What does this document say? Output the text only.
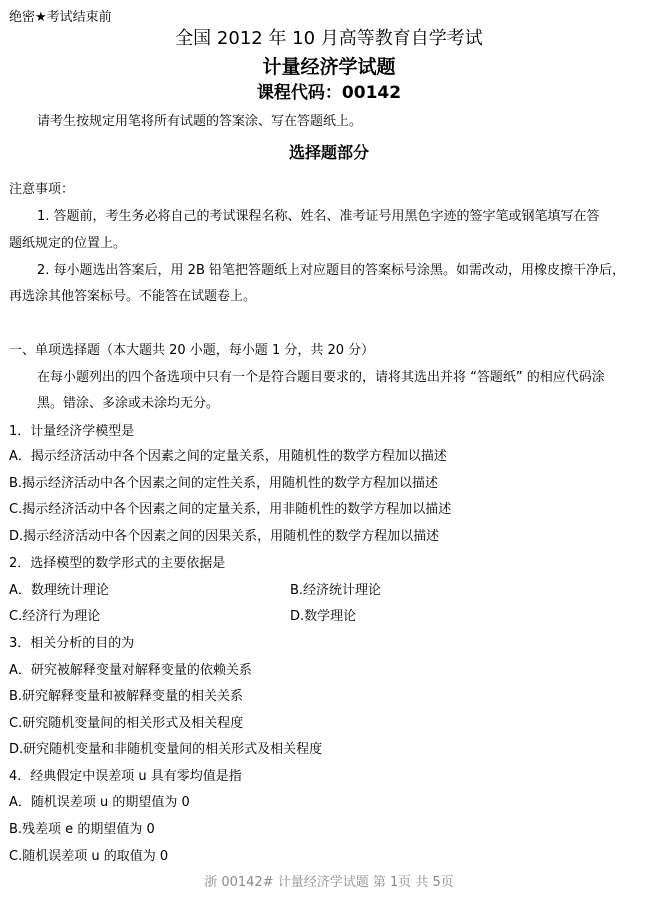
绝密★考试结束前
全国 2012 年 10 月高等教育自学考试
计量经济学试题
课程代码：00142
请考生按规定用笔将所有试题的答案涂、写在答题纸上。
选择题部分
注意事项：
1. 答题前，考生务必将自己的考试课程名称、姓名、准考证号用黑色字迹的签字笔或钢笔填写在答
题纸规定的位置上。
2. 每小题选出答案后，用 2B 铅笔把答题纸上对应题目的答案标号涂黑。如需改动，用橡皮擦干净后，
再选涂其他答案标号。不能答在试题卷上。
一、单项选择题（本大题共 20 小题，每小题 1 分，共 20 分）
在每小题列出的四个备选项中只有一个是符合题目要求的，请将其选出并将 “答题纸” 的相应代码涂
黑。错涂、多涂或未涂均无分。
1．计量经济学模型是
A．揭示经济活动中各个因素之间的定量关系，用随机性的数学方程加以描述
B.揭示经济活动中各个因素之间的定性关系，用随机性的数学方程加以描述
C.揭示经济活动中各个因素之间的定量关系，用非随机性的数学方程加以描述
D.揭示经济活动中各个因素之间的因果关系，用随机性的数学方程加以描述
2．选择模型的数学形式的主要依据是
A．数理统计理论	B.经济统计理论
C.经济行为理论	D.数学理论
3．相关分析的目的为
A．研究被解释变量对解释变量的依赖关系
B.研究解释变量和被解释变量的相关关系
C.研究随机变量间的相关形式及相关程度
D.研究随机变量和非随机变量间的相关形式及相关程度
4．经典假定中误差项 u 具有零均值是指
A．随机误差项 u 的期望值为 0
B.残差项 e 的期望值为 0
C.随机误差项 u 的取值为 0
浙 00142# 计量经济学试题 第 1页 共 5页
